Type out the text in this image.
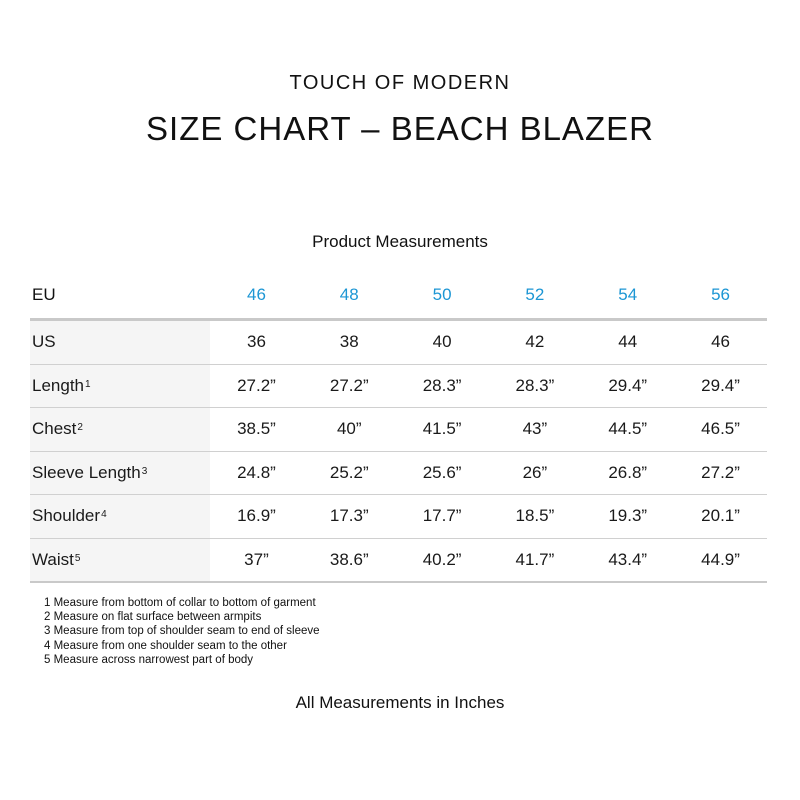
TOUCH OF MODERN
SIZE CHART – BEACH BLAZER
Product Measurements
EU	46	48	50	52	54	56
US	36	38	40	42	44	46
Length$^1$	27.2”	27.2”	28.3”	28.3”	29.4”	29.4”
Chest$^2$	38.5”	40”	41.5”	43”	44.5”	46.5”
Sleeve Length$^3$	24.8”	25.2”	25.6”	26”	26.8”	27.2”
Shoulder$^4$	16.9”	17.3”	17.7”	18.5”	19.3”	20.1”
Waist$^5$	37”	38.6”	40.2”	41.7”	43.4”	44.9”
1 Measure from bottom of collar to bottom of garment
2 Measure on flat surface between armpits
3 Measure from top of shoulder seam to end of sleeve
4 Measure from one shoulder seam to the other
5 Measure across narrowest part of body
All Measurements in Inches
